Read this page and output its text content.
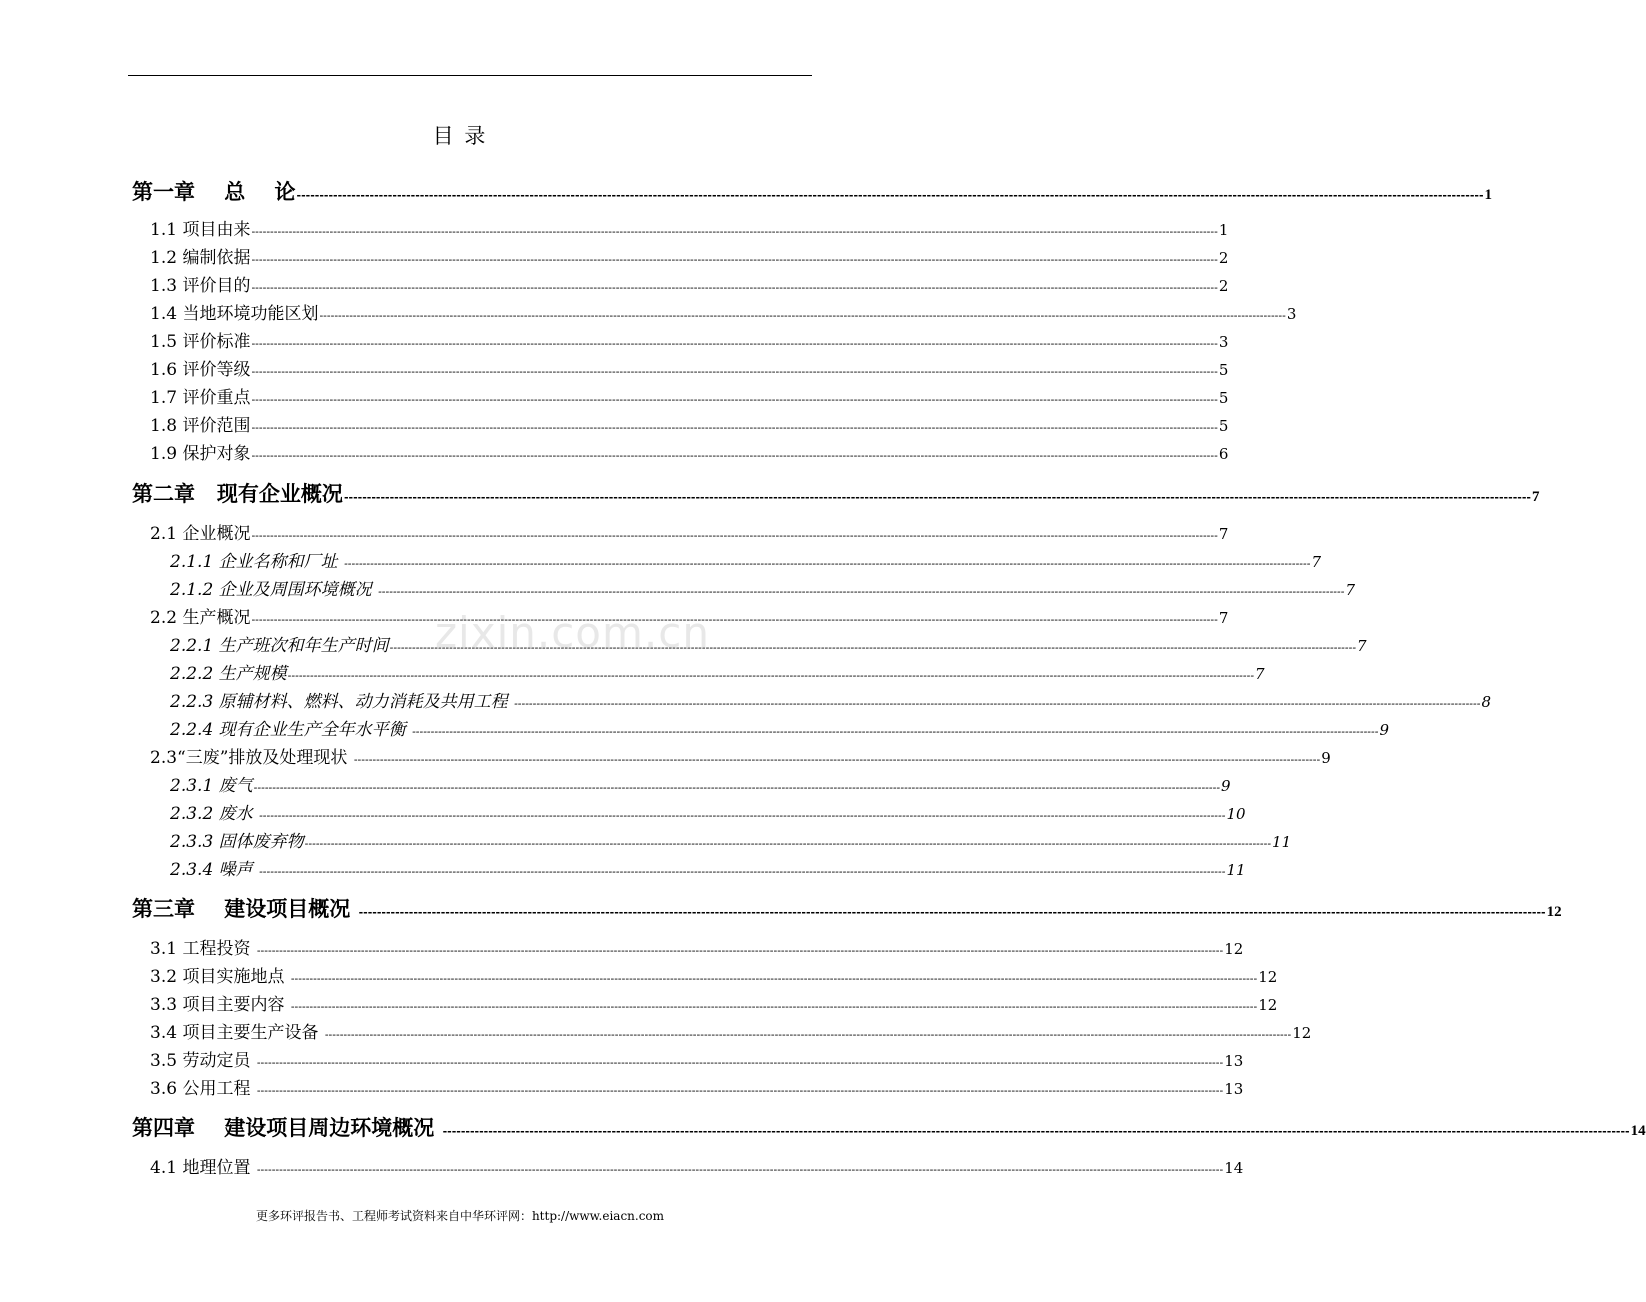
目 录
zixin.com.cn
第一章    总    论 -------------------------------------------------------------------------------------------------------------------------------------------------------------------------------------------------------------------------------------------------------------------- 1
1.1 项目由来 -------------------------------------------------------------------------------------------------------------------------------------------------------------------------------------------------------------------------------------------------------------------- 1
1.2 编制依据 -------------------------------------------------------------------------------------------------------------------------------------------------------------------------------------------------------------------------------------------------------------------- 2
1.3 评价目的 -------------------------------------------------------------------------------------------------------------------------------------------------------------------------------------------------------------------------------------------------------------------- 2
1.4 当地环境功能区划 -------------------------------------------------------------------------------------------------------------------------------------------------------------------------------------------------------------------------------------------------------------------- 3
1.5 评价标准 -------------------------------------------------------------------------------------------------------------------------------------------------------------------------------------------------------------------------------------------------------------------- 3
1.6 评价等级 -------------------------------------------------------------------------------------------------------------------------------------------------------------------------------------------------------------------------------------------------------------------- 5
1.7 评价重点 -------------------------------------------------------------------------------------------------------------------------------------------------------------------------------------------------------------------------------------------------------------------- 5
1.8 评价范围 -------------------------------------------------------------------------------------------------------------------------------------------------------------------------------------------------------------------------------------------------------------------- 5
1.9 保护对象 -------------------------------------------------------------------------------------------------------------------------------------------------------------------------------------------------------------------------------------------------------------------- 6
第二章   现有企业概况 -------------------------------------------------------------------------------------------------------------------------------------------------------------------------------------------------------------------------------------------------------------------- 7
2.1 企业概况 -------------------------------------------------------------------------------------------------------------------------------------------------------------------------------------------------------------------------------------------------------------------- 7
2.1.1 企业名称和厂址 -------------------------------------------------------------------------------------------------------------------------------------------------------------------------------------------------------------------------------------------------------------------- 7
2.1.2 企业及周围环境概况 -------------------------------------------------------------------------------------------------------------------------------------------------------------------------------------------------------------------------------------------------------------------- 7
2.2 生产概况 -------------------------------------------------------------------------------------------------------------------------------------------------------------------------------------------------------------------------------------------------------------------- 7
2.2.1 生产班次和年生产时间 -------------------------------------------------------------------------------------------------------------------------------------------------------------------------------------------------------------------------------------------------------------------- 7
2.2.2 生产规模 -------------------------------------------------------------------------------------------------------------------------------------------------------------------------------------------------------------------------------------------------------------------- 7
2.2.3 原辅材料、燃料、动力消耗及共用工程 -------------------------------------------------------------------------------------------------------------------------------------------------------------------------------------------------------------------------------------------------------------------- 8
2.2.4 现有企业生产全年水平衡 -------------------------------------------------------------------------------------------------------------------------------------------------------------------------------------------------------------------------------------------------------------------- 9
2.3“三废”排放及处理现状 -------------------------------------------------------------------------------------------------------------------------------------------------------------------------------------------------------------------------------------------------------------------- 9
2.3.1 废气 -------------------------------------------------------------------------------------------------------------------------------------------------------------------------------------------------------------------------------------------------------------------- 9
2.3.2 废水 -------------------------------------------------------------------------------------------------------------------------------------------------------------------------------------------------------------------------------------------------------------------- 10
2.3.3 固体废弃物 -------------------------------------------------------------------------------------------------------------------------------------------------------------------------------------------------------------------------------------------------------------------- 11
2.3.4 噪声 -------------------------------------------------------------------------------------------------------------------------------------------------------------------------------------------------------------------------------------------------------------------- 11
第三章    建设项目概况 -------------------------------------------------------------------------------------------------------------------------------------------------------------------------------------------------------------------------------------------------------------------- 12
3.1 工程投资 -------------------------------------------------------------------------------------------------------------------------------------------------------------------------------------------------------------------------------------------------------------------- 12
3.2 项目实施地点 -------------------------------------------------------------------------------------------------------------------------------------------------------------------------------------------------------------------------------------------------------------------- 12
3.3 项目主要内容 -------------------------------------------------------------------------------------------------------------------------------------------------------------------------------------------------------------------------------------------------------------------- 12
3.4 项目主要生产设备 -------------------------------------------------------------------------------------------------------------------------------------------------------------------------------------------------------------------------------------------------------------------- 12
3.5 劳动定员 -------------------------------------------------------------------------------------------------------------------------------------------------------------------------------------------------------------------------------------------------------------------- 13
3.6 公用工程 -------------------------------------------------------------------------------------------------------------------------------------------------------------------------------------------------------------------------------------------------------------------- 13
第四章    建设项目周边环境概况 -------------------------------------------------------------------------------------------------------------------------------------------------------------------------------------------------------------------------------------------------------------------- 14
4.1 地理位置 -------------------------------------------------------------------------------------------------------------------------------------------------------------------------------------------------------------------------------------------------------------------- 14
更多环评报告书、工程师考试资料来自中华环评网：http://www.eiacn.com
